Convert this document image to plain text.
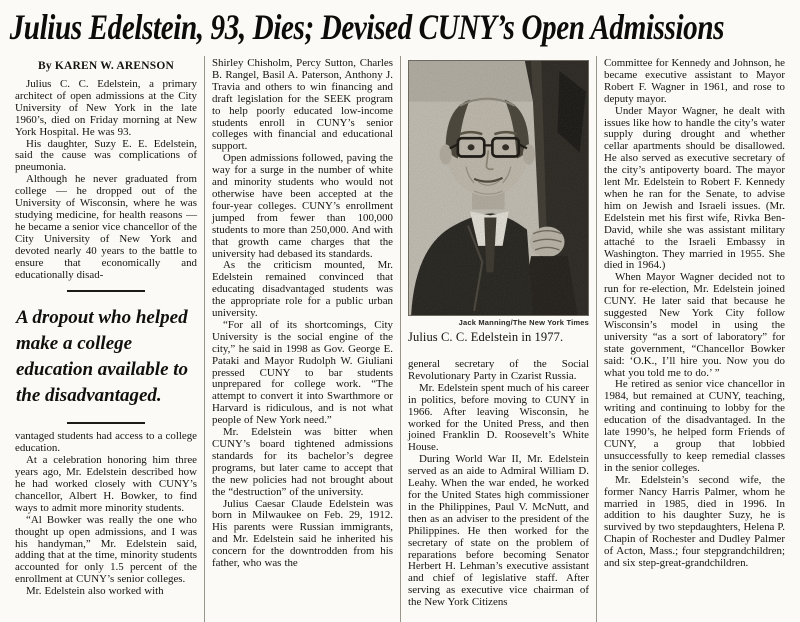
Julius Edelstein, 93, Dies; Devised CUNY’s Open Admissions
By KAREN W. ARENSON

Julius C. C. Edelstein, a primary architect of open admissions at the City University of New York in the late 1960’s, died on Friday morning at New York Hospital. He was 93.

His daughter, Suzy E. E. Edelstein, said the cause was complications of pneumonia.

Although he never graduated from college — he dropped out of the University of Wisconsin, where he was studying medicine, for health reasons — he became a senior vice chancellor of the City University of New York and devoted nearly 40 years to the battle to ensure that economically and educationally disad-

A dropout who helped make a college education available to the disadvantaged.

vantaged students had access to a college education.

At a celebration honoring him three years ago, Mr. Edelstein described how he had worked closely with CUNY’s chancellor, Albert H. Bowker, to find ways to admit more minority students.

“Al Bowker was really the one who thought up open admissions, and I was his handyman,” Mr. Edelstein said, adding that at the time, minority students accounted for only 1.5 percent of the enrollment at CUNY’s senior colleges.

Mr. Edelstein also worked with

Shirley Chisholm, Percy Sutton, Charles B. Rangel, Basil A. Paterson, Anthony J. Travia and others to win financing and draft legislation for the SEEK program to help poorly educated low-income students enroll in CUNY’s senior colleges with financial and educational support.

Open admissions followed, paving the way for a surge in the number of white and minority students who would not otherwise have been accepted at the four-year colleges. CUNY’s enrollment jumped from fewer than 100,000 students to more than 250,000. And with that growth came charges that the university had debased its standards.

As the criticism mounted, Mr. Edelstein remained convinced that educating disadvantaged students was the appropriate role for a public urban university.

“For all of its shortcomings, City University is the social engine of the city,” he said in 1998 as Gov. George E. Pataki and Mayor Rudolph W. Giuliani pressed CUNY to bar students unprepared for college work. “The attempt to convert it into Swarthmore or Harvard is ridiculous, and is not what people of New York need.”

Mr. Edelstein was bitter when CUNY’s board tightened admissions standards for its bachelor’s degree programs, but later came to accept that the new policies had not brought about the “destruction” of the university.

Julius Caesar Claude Edelstein was born in Milwaukee on Feb. 29, 1912. His parents were Russian immigrants, and Mr. Edelstein said he inherited his concern for the downtrodden from his father, who was the

Jack Manning/The New York Times
Julius C. C. Edelstein in 1977.

general secretary of the Social Revolutionary Party in Czarist Russia.

Mr. Edelstein spent much of his career in politics, before moving to CUNY in 1966. After leaving Wisconsin, he worked for the United Press, and then joined Franklin D. Roosevelt’s White House.

During World War II, Mr. Edelstein served as an aide to Admiral William D. Leahy. When the war ended, he worked for the United States high commissioner in the Philippines, Paul V. McNutt, and then as an adviser to the president of the Philippines. He then worked for the secretary of state on the problem of reparations before becoming Senator Herbert H. Lehman’s executive assistant and chief of legislative staff. After serving as executive vice chairman of the New York Citizens

Committee for Kennedy and Johnson, he became executive assistant to Mayor Robert F. Wagner in 1961, and rose to deputy mayor.

Under Mayor Wagner, he dealt with issues like how to handle the city’s water supply during drought and whether cellar apartments should be disallowed. He also served as executive secretary of the city’s antipoverty board. The mayor lent Mr. Edelstein to Robert F. Kennedy when he ran for the Senate, to advise him on Jewish and Israeli issues. (Mr. Edelstein met his first wife, Rivka Ben-David, while she was assistant military attaché to the Israeli Embassy in Washington. They married in 1955. She died in 1964.)

When Mayor Wagner decided not to run for re-election, Mr. Edelstein joined CUNY. He later said that because he suggested New York City follow Wisconsin’s model in using the university “as a sort of laboratory” for state government, “Chancellor Bowker said: ‘O.K., I’ll hire you. Now you do what you told me to do.’ ”

He retired as senior vice chancellor in 1984, but remained at CUNY, teaching, writing and continuing to lobby for the education of the disadvantaged. In the late 1990’s, he helped form Friends of CUNY, a group that lobbied unsuccessfully to keep remedial classes in the senior colleges.

Mr. Edelstein’s second wife, the former Nancy Harris Palmer, whom he married in 1985, died in 1996. In addition to his daughter Suzy, he is survived by two stepdaughters, Helena P. Chapin of Rochester and Dudley Palmer of Acton, Mass.; four stepgrandchildren; and six step-great-grandchildren.
